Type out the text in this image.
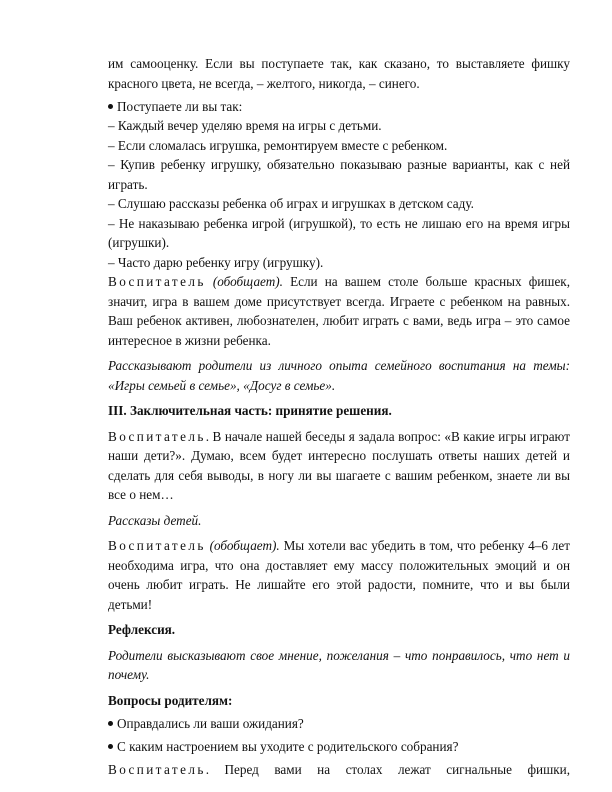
им самооценку. Если вы поступаете так, как сказано, то выставляете фишку красного цвета, не всегда, – желтого, никогда, – синего.

Поступаете ли вы так:

– Каждый вечер уделяю время на игры с детьми.

– Если сломалась игрушка, ремонтируем вместе с ребенком.

– Купив ребенку игрушку, обязательно показываю разные варианты, как с ней играть.

– Слушаю рассказы ребенка об играх и игрушках в детском саду.

– Не наказываю ребенка игрой (игрушкой), то есть не лишаю его на время игры (игрушки).

– Часто дарю ребенку игру (игрушку).

Воспитатель (обобщает). Если на вашем столе больше красных фишек, значит, игра в вашем доме присутствует всегда. Играете с ребенком на равных. Ваш ребенок активен, любознателен, любит играть с вами, ведь игра – это самое интересное в жизни ребенка.

Рассказывают родители из личного опыта семейного воспитания на темы: «Игры семьей в семье», «Досуг в семье».

III. Заключительная часть: принятие решения.

Воспитатель. В начале нашей беседы я задала вопрос: «В какие игры играют наши дети?». Думаю, всем будет интересно послушать ответы наших детей и сделать для себя выводы, в ногу ли вы шагаете с вашим ребенком, знаете ли вы все о нем…

Рассказы детей.

Воспитатель (обобщает). Мы хотели вас убедить в том, что ребенку 4–6 лет необходима игра, что она доставляет ему массу положительных эмоций и он очень любит играть. Не лишайте его этой радости, помните, что и вы были детьми!

Рефлексия.

Родители высказывают свое мнение, пожелания – что понравилось, что нет и почему.

Вопросы родителям:

Оправдались ли ваши ожидания?

С каким настроением вы уходите с родительского собрания?

Воспитатель. Перед вами на столах лежат сигнальные фишки,
